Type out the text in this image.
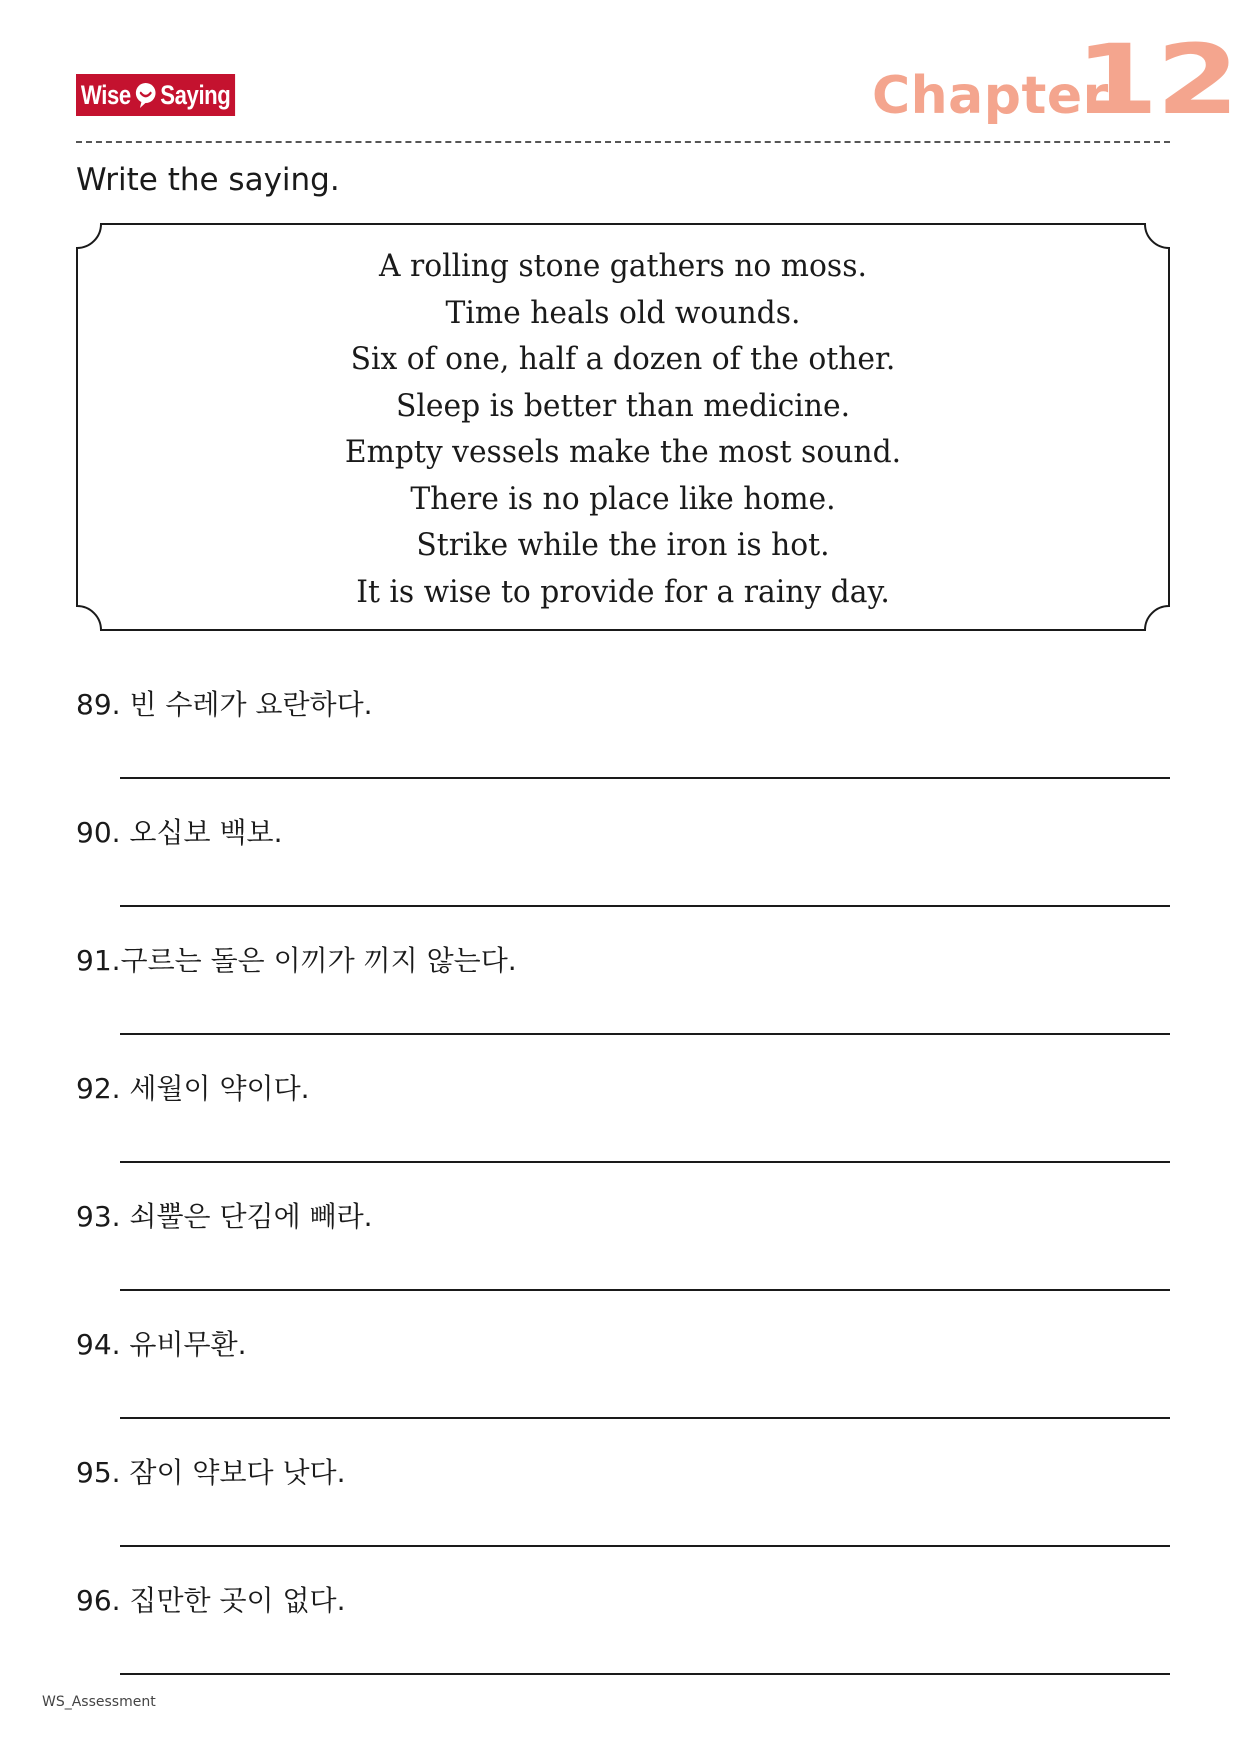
Wise Saying	Chapter
12
Write the saying.
A rolling stone gathers no moss.
Time heals old wounds.
Six of one, half a dozen of the other.
Sleep is better than medicine.
Empty vessels make the most sound.
There is no place like home.
Strike while the iron is hot.
It is wise to provide for a rainy day.
89. 빈 수레가 요란하다.
90. 오십보 백보.
91.구르는 돌은 이끼가 끼지 않는다.
92. 세월이 약이다.
93. 쇠뿔은 단김에 빼라.
94. 유비무환.
95. 잠이 약보다 낫다.
96. 집만한 곳이 없다.
WS_Assessment
